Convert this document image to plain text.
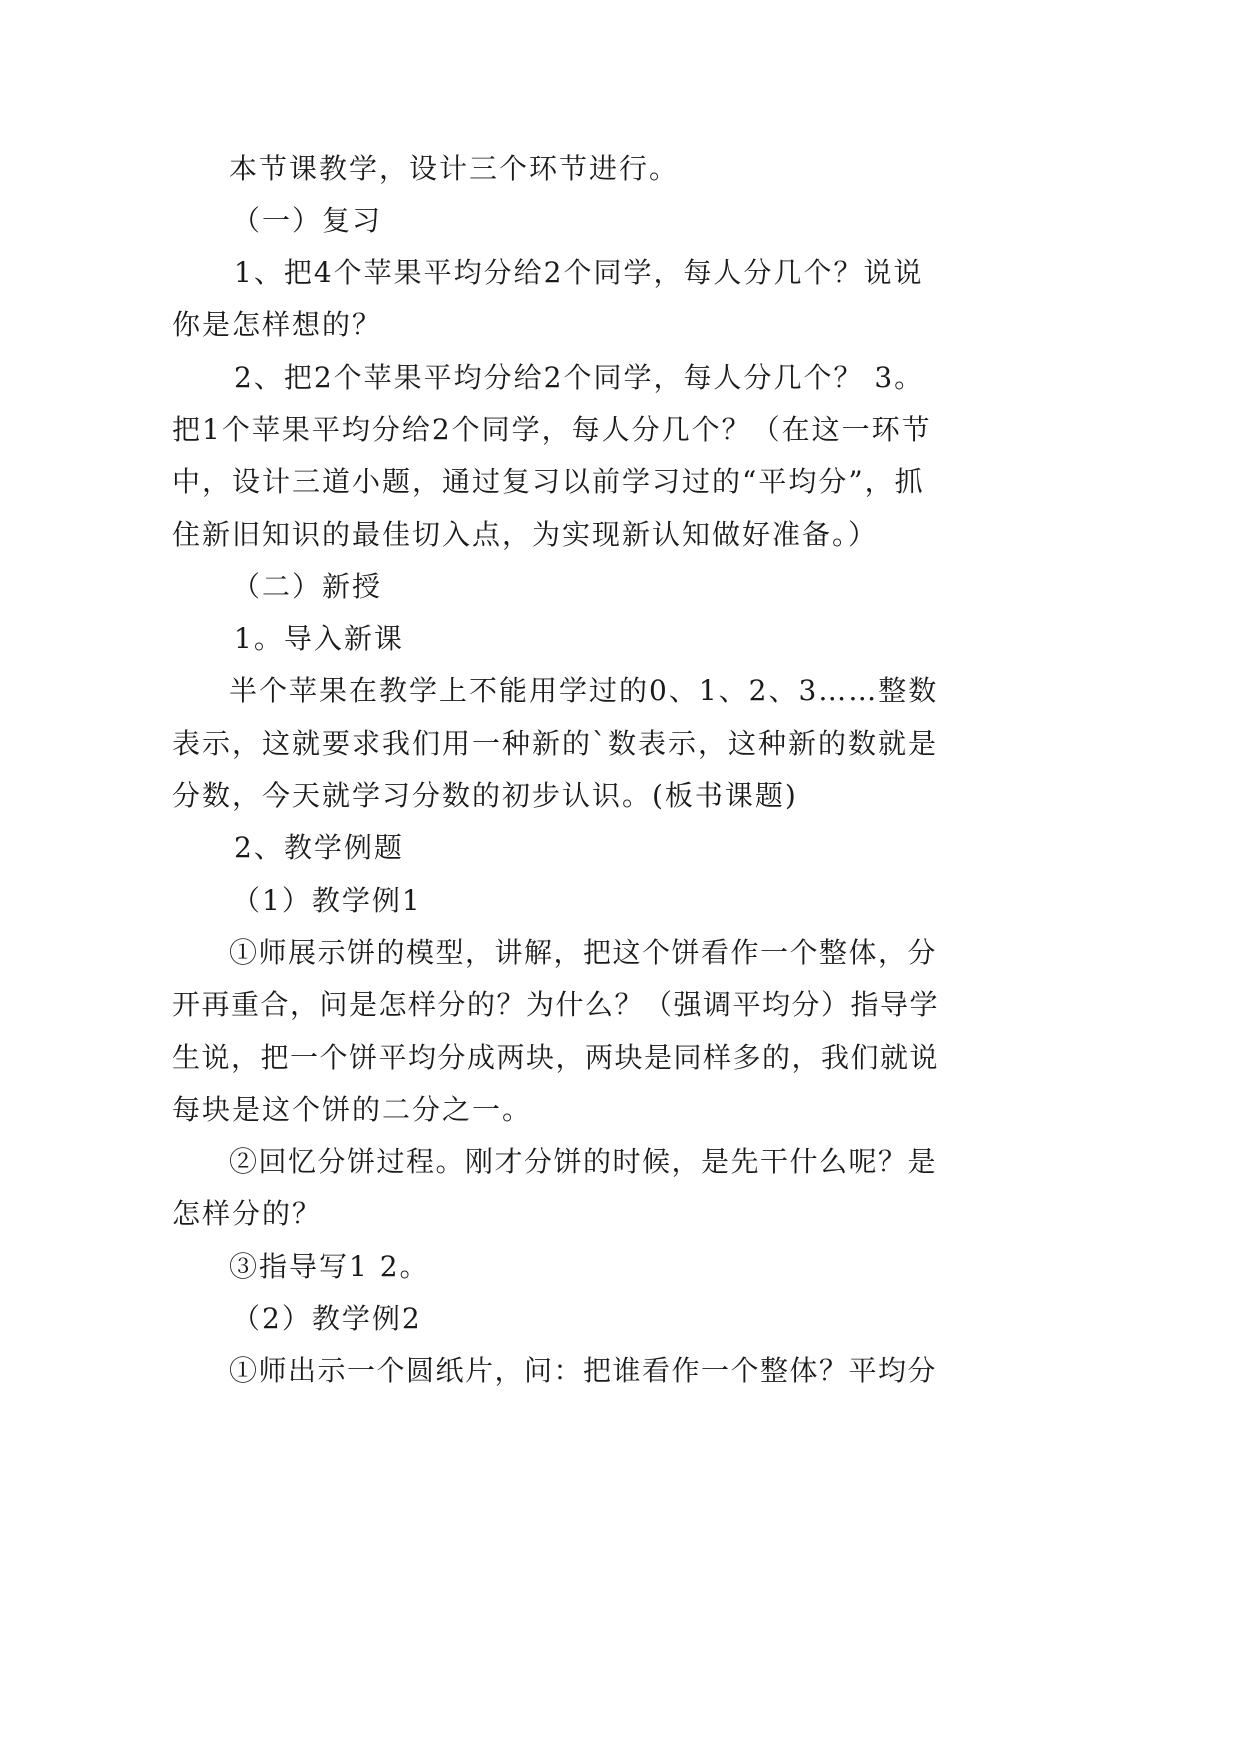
本节课教学，设计三个环节进行。
（一）复习
1、把4个苹果平均分给2个同学，每人分几个？说说
你是怎样想的？
2、把2个苹果平均分给2个同学，每人分几个？ 3。
把1个苹果平均分给2个同学，每人分几个？（在这一环节
中，设计三道小题，通过复习以前学习过的“平均分”，抓
住新旧知识的最佳切入点，为实现新认知做好准备。）
（二）新授
1。导入新课
半个苹果在教学上不能用学过的0、1、2、3……整数
表示，这就要求我们用一种新的`数表示，这种新的数就是
分数，今天就学习分数的初步认识。(板书课题)
2、教学例题
（1）教学例1
①师展示饼的模型，讲解，把这个饼看作一个整体，分
开再重合，问是怎样分的？为什么？（强调平均分）指导学
生说，把一个饼平均分成两块，两块是同样多的，我们就说
每块是这个饼的二分之一。
②回忆分饼过程。刚才分饼的时候，是先干什么呢？是
怎样分的？
③指导写1 2。
（2）教学例2
①师出示一个圆纸片，问：把谁看作一个整体？平均分
